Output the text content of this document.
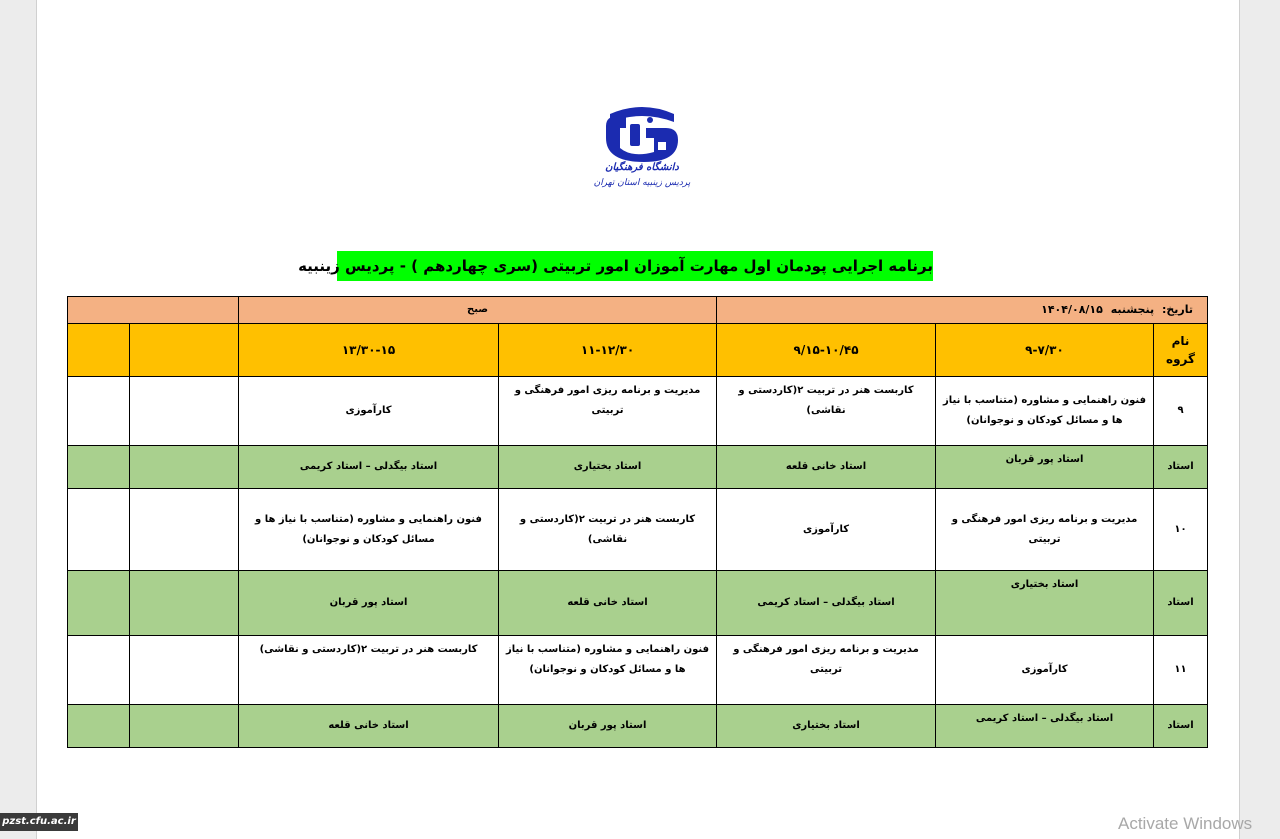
دانشگاه فرهنگیان
پردیس زینبیه استان تهران
برنامه اجرایی پودمان اول مهارت آموزان امور تربیتی (سری چهاردهم ) - پردیس زینبیه
تاریخ: پنجشنبه ۱۴۰۴/۰۸/۱۵			صبح			
نام گروه	۹-۷/۳۰	۹/۱۵-۱۰/۴۵	۱۱-۱۲/۳۰	۱۳/۳۰-۱۵		
۹	فنون راهنمایی و مشاوره (متناسب با نیاز ها و مسائل کودکان و نوجوانان)	کاربست هنر در تربیت ۲(کاردستی و نقاشی)	مدیریت و برنامه ریزی امور فرهنگی و تربیتی	کارآموزی		
استاد	استاد پور قربان	استاد خانی قلعه	استاد بختیاری	استاد بیگدلی – استاد کریمی		
۱۰	مدیریت و برنامه ریزی امور فرهنگی و تربیتی	کارآموزی	کاربست هنر در تربیت ۲(کاردستی و نقاشی)	فنون راهنمایی و مشاوره (متناسب با نیاز ها و مسائل کودکان و نوجوانان)		
استاد	استاد بختیاری	استاد بیگدلی – استاد کریمی	استاد خانی قلعه	استاد پور قربان		
۱۱	کارآموزی	مدیریت و برنامه ریزی امور فرهنگی و تربیتی	فنون راهنمایی و مشاوره (متناسب با نیاز ها و مسائل کودکان و نوجوانان)	کاربست هنر در تربیت ۲(کاردستی و نقاشی)		
استاد	استاد بیگدلی – استاد کریمی	استاد بختیاری	استاد پور قربان	استاد خانی قلعه		
pzst.cfu.ac.ir	Activate Windows
